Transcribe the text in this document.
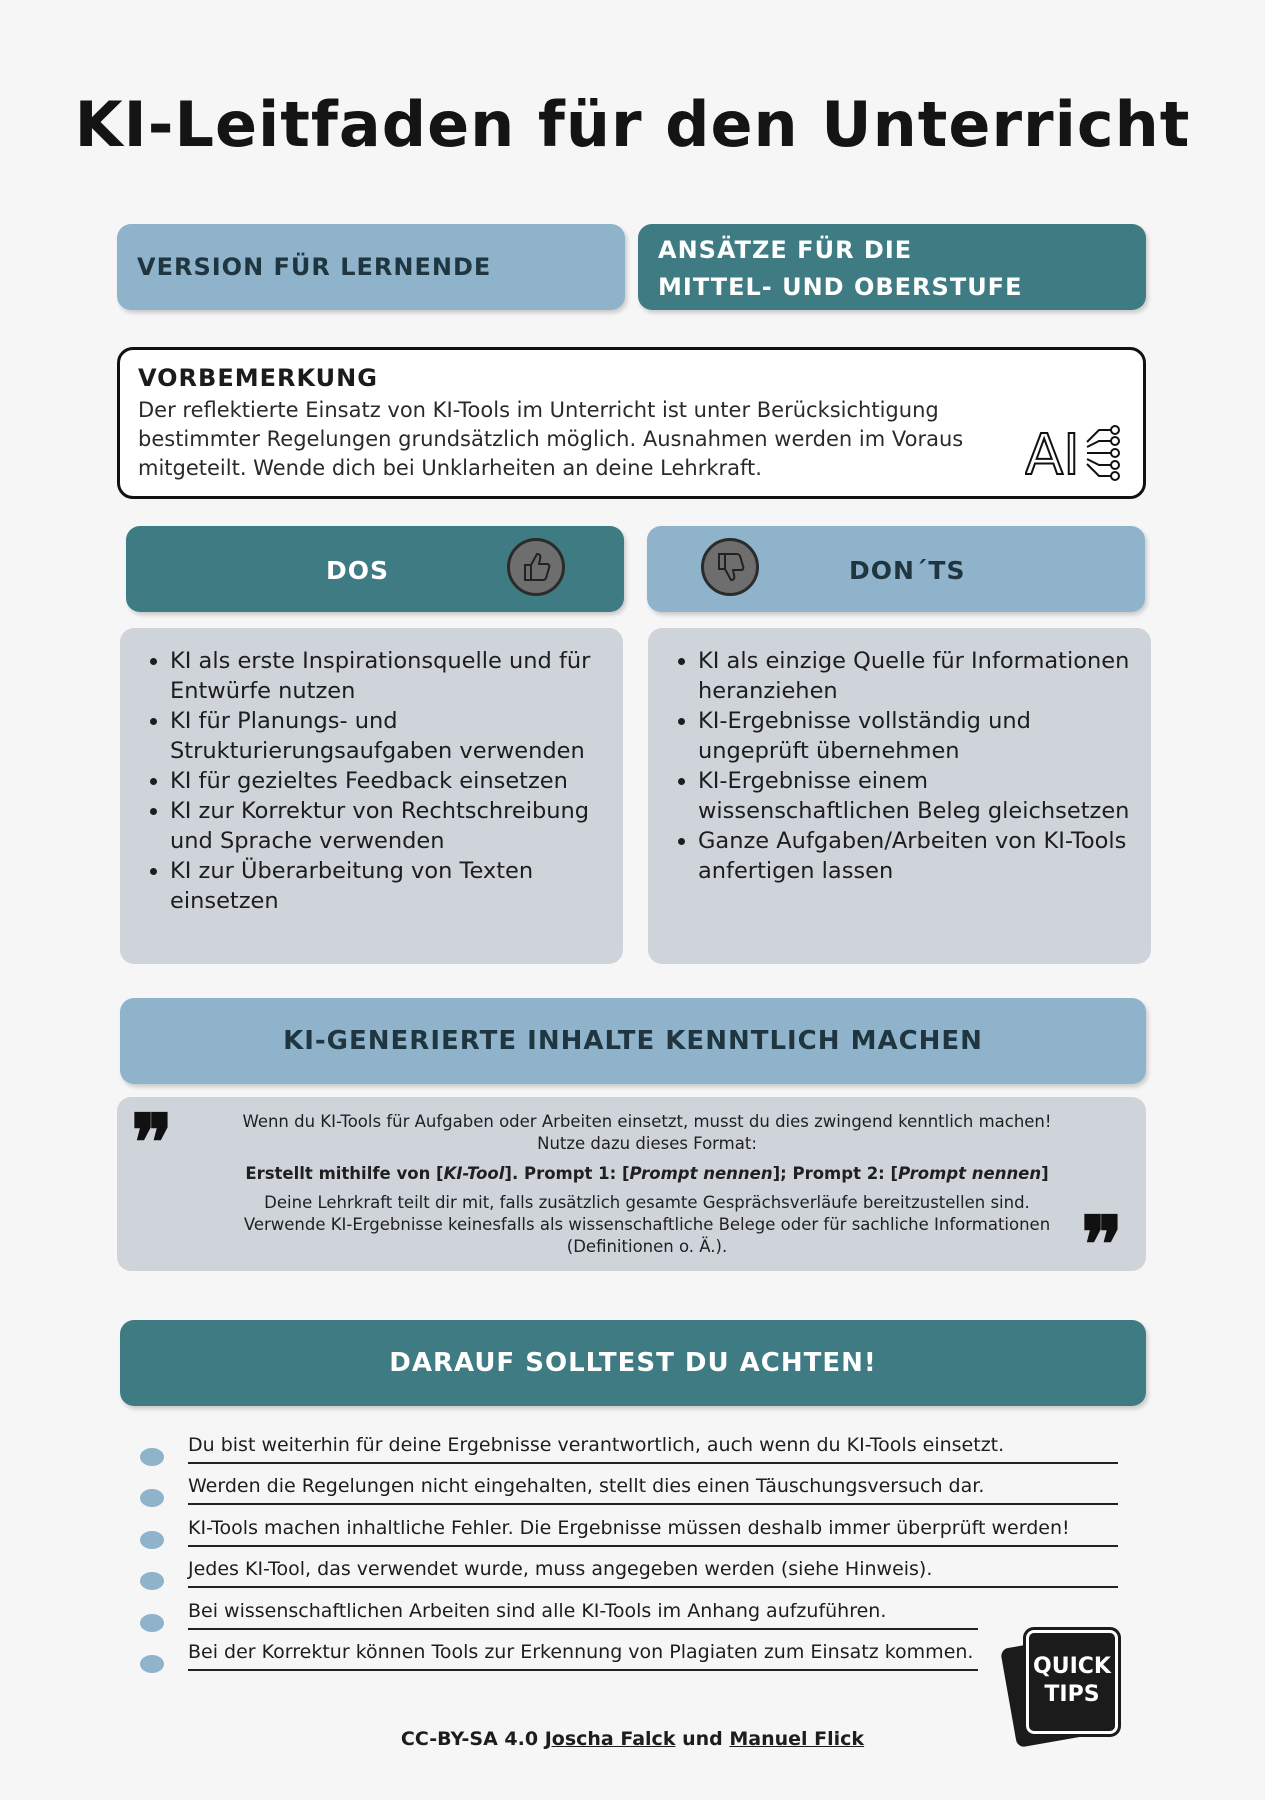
KI-Leitfaden für den Unterricht
VERSION FÜR LERNENDE
ANSÄTZE FÜR DIE
MITTEL- UND OBERSTUFE
VORBEMERKUNG

Der reflektierte Einsatz von KI-Tools im Unterricht ist unter Berücksichtigung bestimmter Regelungen grundsätzlich möglich. Ausnahmen werden im Voraus mitgeteilt. Wende dich bei Unklarheiten an deine Lehrkraft.	AI
DOS	DON´TS
• KI als erste Inspirationsquelle und für Entwürfe nutzen
• KI für Planungs- und Strukturierungsaufgaben verwenden
• KI für gezieltes Feedback einsetzen
• KI zur Korrektur von Rechtschreibung und Sprache verwenden
• KI zur Überarbeitung von Texten einsetzen
• KI als einzige Quelle für Informationen heranziehen
• KI-Ergebnisse vollständig und ungeprüft übernehmen
• KI-Ergebnisse einem wissenschaftlichen Beleg gleichsetzen
• Ganze Aufgaben/Arbeiten von KI-Tools anfertigen lassen
KI-GENERIERTE INHALTE KENNTLICH MACHEN
❞	Wenn du KI-Tools für Aufgaben oder Arbeiten einsetzt, musst du dies zwingend kenntlich machen!
Nutze dazu dieses Format:
Erstellt mithilfe von [KI-Tool]. Prompt 1: [Prompt nennen]; Prompt 2: [Prompt nennen]
Deine Lehrkraft teilt dir mit, falls zusätzlich gesamte Gesprächsverläufe bereitzustellen sind.
Verwende KI-Ergebnisse keinesfalls als wissenschaftliche Belege oder für sachliche Informationen
(Definitionen o. Ä.).	❞
DARAUF SOLLTEST DU ACHTEN!
Du bist weiterhin für deine Ergebnisse verantwortlich, auch wenn du KI-Tools einsetzt.
Werden die Regelungen nicht eingehalten, stellt dies einen Täuschungsversuch dar.
KI-Tools machen inhaltliche Fehler. Die Ergebnisse müssen deshalb immer überprüft werden!
Jedes KI-Tool, das verwendet wurde, muss angegeben werden (siehe Hinweis).
Bei wissenschaftlichen Arbeiten sind alle KI-Tools im Anhang aufzuführen.
Bei der Korrektur können Tools zur Erkennung von Plagiaten zum Einsatz kommen.
QUICK
TIPS
CC-BY-SA 4.0 Joscha Falck und Manuel Flick
